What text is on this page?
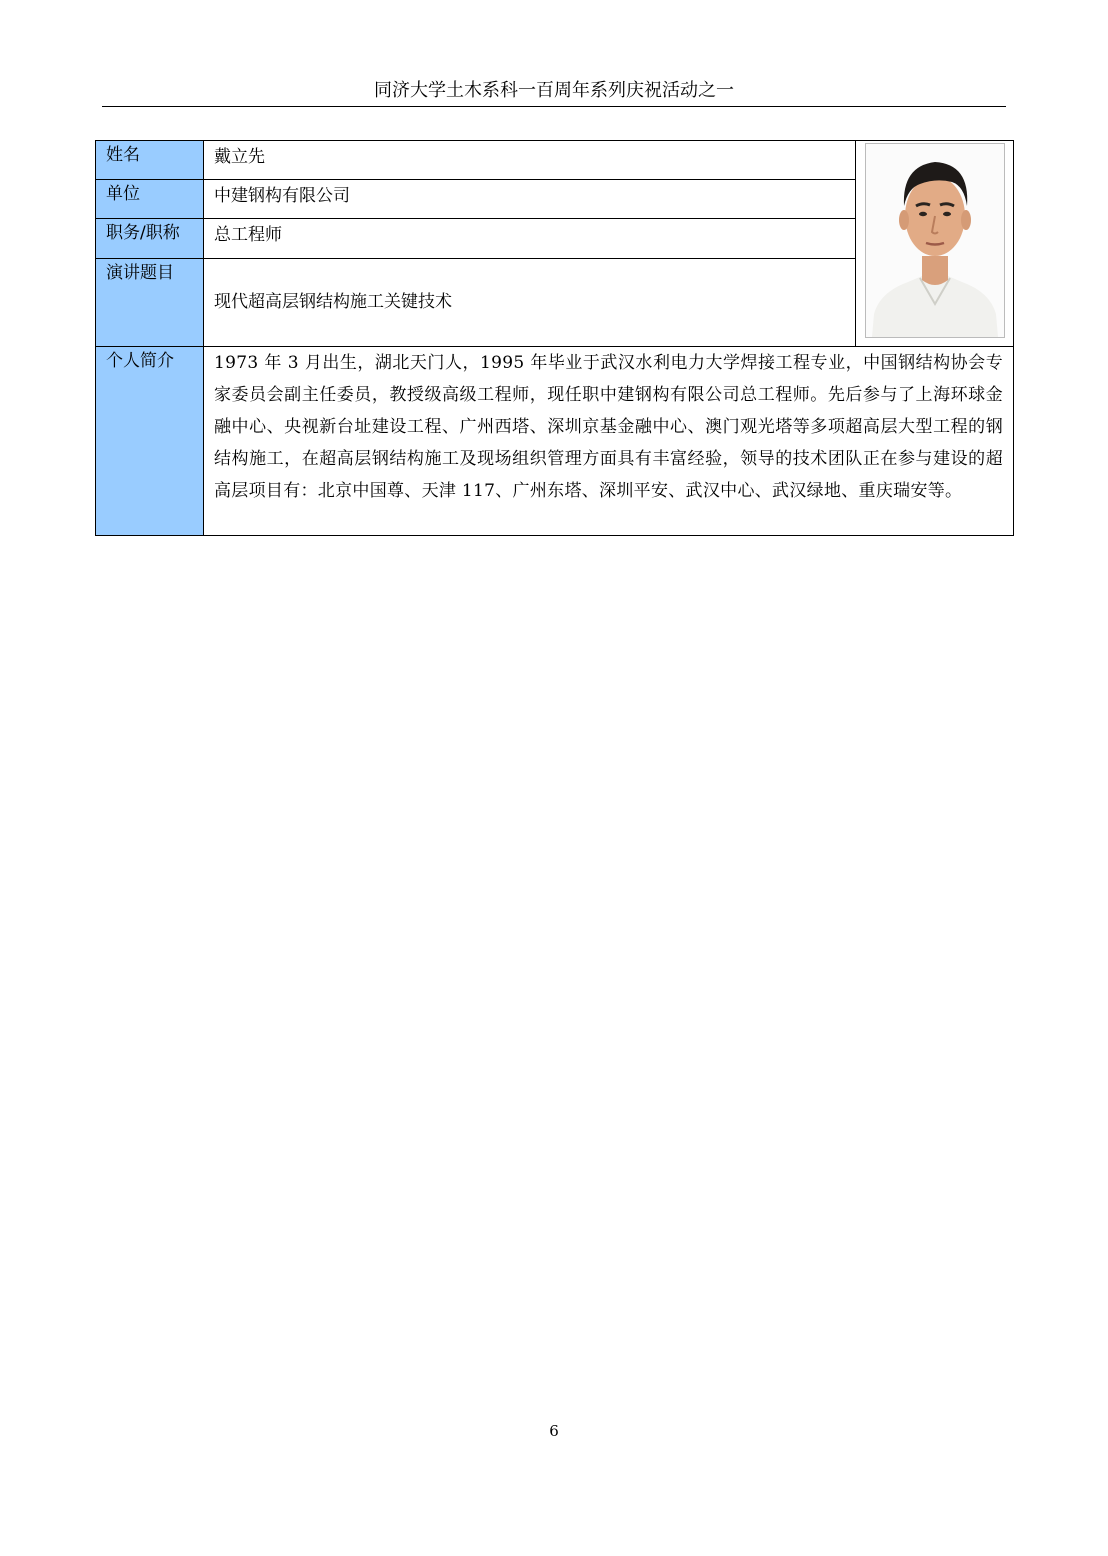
同济大学土木系科一百周年系列庆祝活动之一
姓名	戴立先	

单位	中建钢构有限公司	
职务/职称	总工程师	
演讲题目	现代超高层钢结构施工关键技术	
个人简介	1973 年 3 月出生，湖北天门人，1995 年毕业于武汉水利电力大学焊接工程专业，中国钢结构协会专家委员会副主任委员，教授级高级工程师，现任职中建钢构有限公司总工程师。先后参与了上海环球金融中心、央视新台址建设工程、广州西塔、深圳京基金融中心、澳门观光塔等多项超高层大型工程的钢结构施工，在超高层钢结构施工及现场组织管理方面具有丰富经验，领导的技术团队正在参与建设的超高层项目有：北京中国尊、天津 117、广州东塔、深圳平安、武汉中心、武汉绿地、重庆瑞安等。	
6
